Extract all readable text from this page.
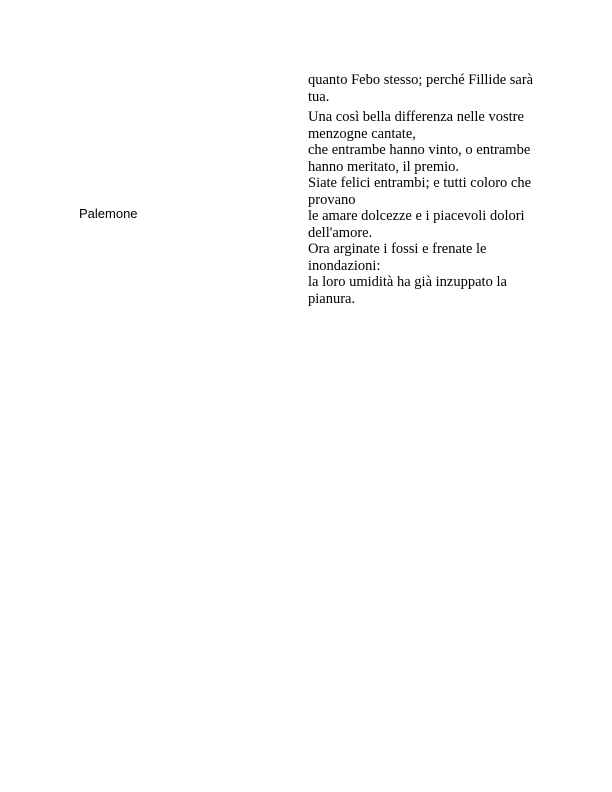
Palemone
quanto Febo stesso; perché Fillide sarà tua.
Una così bella differenza nelle vostre menzogne cantate,
che entrambe hanno vinto, o entrambe hanno meritato, il premio.
Siate felici entrambi; e tutti coloro che provano
le amare dolcezze e i piacevoli dolori dell'amore.
Ora arginate i fossi e frenate le inondazioni:
la loro umidità ha già inzuppato la pianura.
